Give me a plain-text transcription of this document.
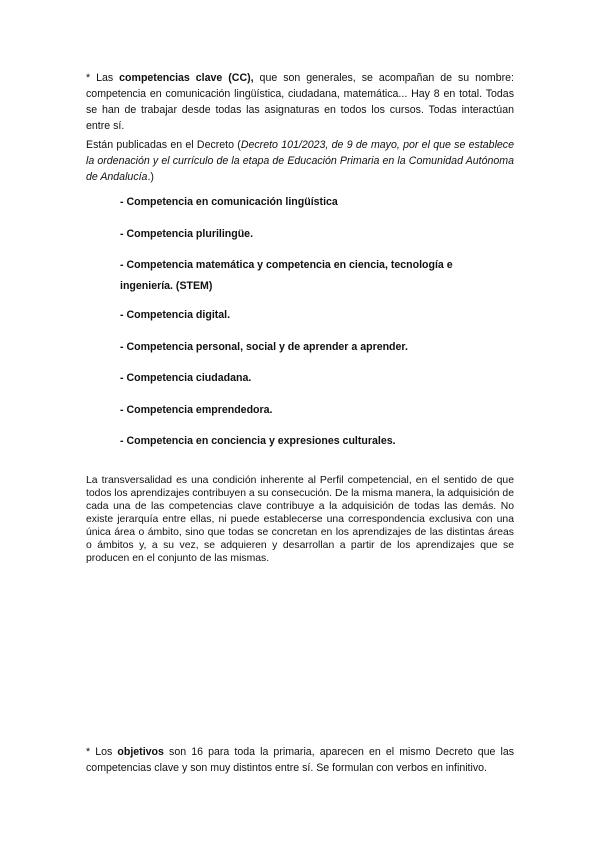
* Las competencias clave (CC), que son generales, se acompañan de su nombre: competencia en comunicación lingüística, ciudadana, matemática... Hay 8 en total. Todas se han de trabajar desde todas las asignaturas en todos los cursos. Todas interactúan entre sí.

Están publicadas en el Decreto (Decreto 101/2023, de 9 de mayo, por el que se establece la ordenación y el currículo de la etapa de Educación Primaria en la Comunidad Autónoma de Andalucía.)

- Competencia en comunicación lingüística
- Competencia plurilingüe.
- Competencia matemática y competencia en ciencia, tecnología e ingeniería. (STEM)
- Competencia digital.
- Competencia personal, social y de aprender a aprender.
- Competencia ciudadana.
- Competencia emprendedora.
- Competencia en conciencia y expresiones culturales.

La transversalidad es una condición inherente al Perfil competencial, en el sentido de que todos los aprendizajes contribuyen a su consecución. De la misma manera, la adquisición de cada una de las competencias clave contribuye a la adquisición de todas las demás. No existe jerarquía entre ellas, ni puede establecerse una correspondencia exclusiva con una única área o ámbito, sino que todas se concretan en los aprendizajes de las distintas áreas o ámbitos y, a su vez, se adquieren y desarrollan a partir de los aprendizajes que se producen en el conjunto de las mismas.

* Los objetivos son 16 para toda la primaria, aparecen en el mismo Decreto que las competencias clave y son muy distintos entre sí. Se formulan con verbos en infinitivo.
